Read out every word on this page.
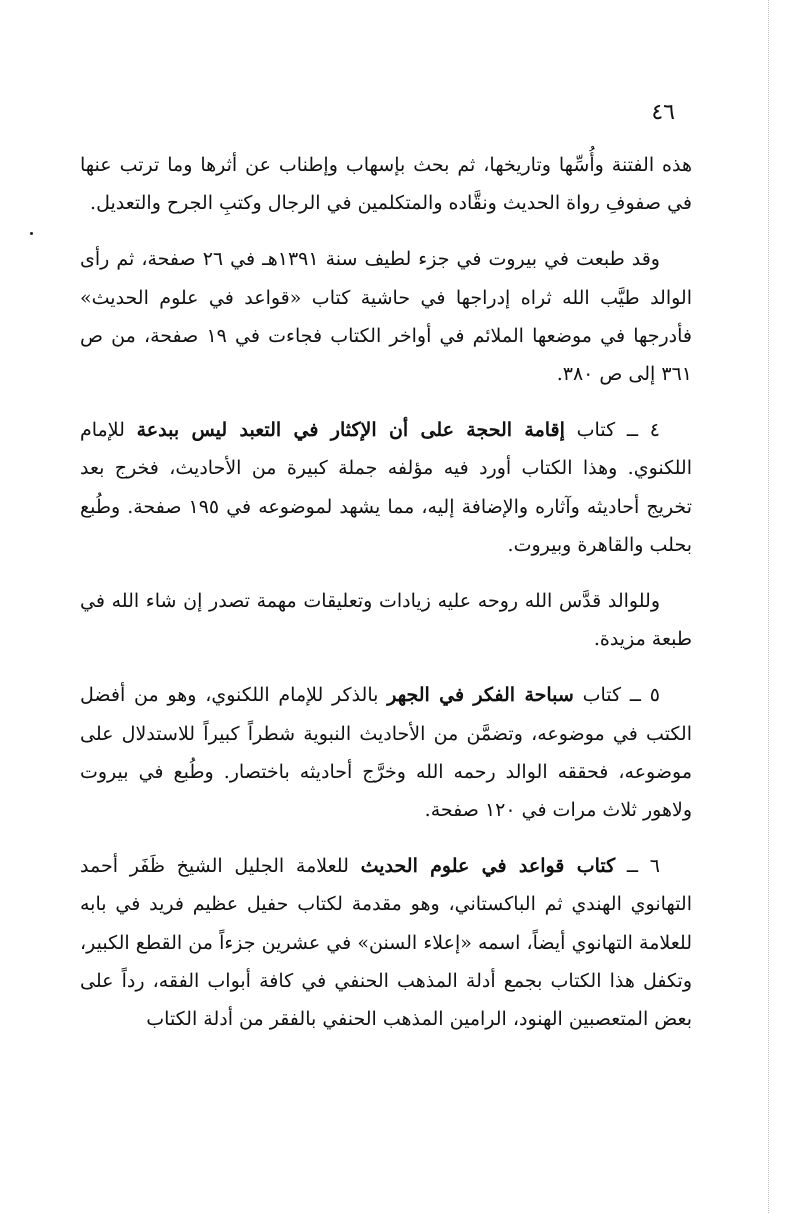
٤٦

هذه الفتنة وأُسِّها وتاريخها، ثم بحث بإسهاب وإطناب عن أثرها وما ترتب عنها في صفوفِ رواة الحديث ونقَّاده والمتكلمين في الرجال وكتبِ الجرح والتعديل.

وقد طبعت في بيروت في جزء لطيف سنة ١٣٩١هـ في ٢٦ صفحة، ثم رأى الوالد طيَّب الله ثراه إدراجها في حاشية كتاب «قواعد في علوم الحديث» فأدرجها في موضعها الملائم في أواخر الكتاب فجاءت في ١٩ صفحة، من ص ٣٦١ إلى ص ٣٨٠.

٤ ــ كتاب إقامة الحجة على أن الإكثار في التعبد ليس ببدعة للإمام اللكنوي. وهذا الكتاب أورد فيه مؤلفه جملة كبيرة من الأحاديث، فخرج بعد تخريج أحاديثه وآثاره والإضافة إليه، مما يشهد لموضوعه في ١٩٥ صفحة. وطُبع بحلب والقاهرة وبيروت.

وللوالد قدَّس الله روحه عليه زيادات وتعليقات مهمة تصدر إن شاء الله في طبعة مزيدة.

٥ ــ كتاب سباحة الفكر في الجهر بالذكر للإمام اللكنوي، وهو من أفضل الكتب في موضوعه، وتضمَّن من الأحاديث النبوية شطراً كبيراً للاستدلال على موضوعه، فحققه الوالد رحمه الله وخرَّج أحاديثه باختصار. وطُبع في بيروت ولاهور ثلاث مرات في ١٢٠ صفحة.

٦ ــ كتاب قواعد في علوم الحديث للعلامة الجليل الشيخ ظَفَر أحمد التهانوي الهندي ثم الباكستاني، وهو مقدمة لكتاب حفيل عظيم فريد في بابه للعلامة التهانوي أيضاً، اسمه «إعلاء السنن» في عشرين جزءاً من القطع الكبير، وتكفل هذا الكتاب بجمع أدلة المذهب الحنفي في كافة أبواب الفقه، رداً على بعض المتعصبين الهنود، الرامين المذهب الحنفي بالفقر من أدلة الكتاب
